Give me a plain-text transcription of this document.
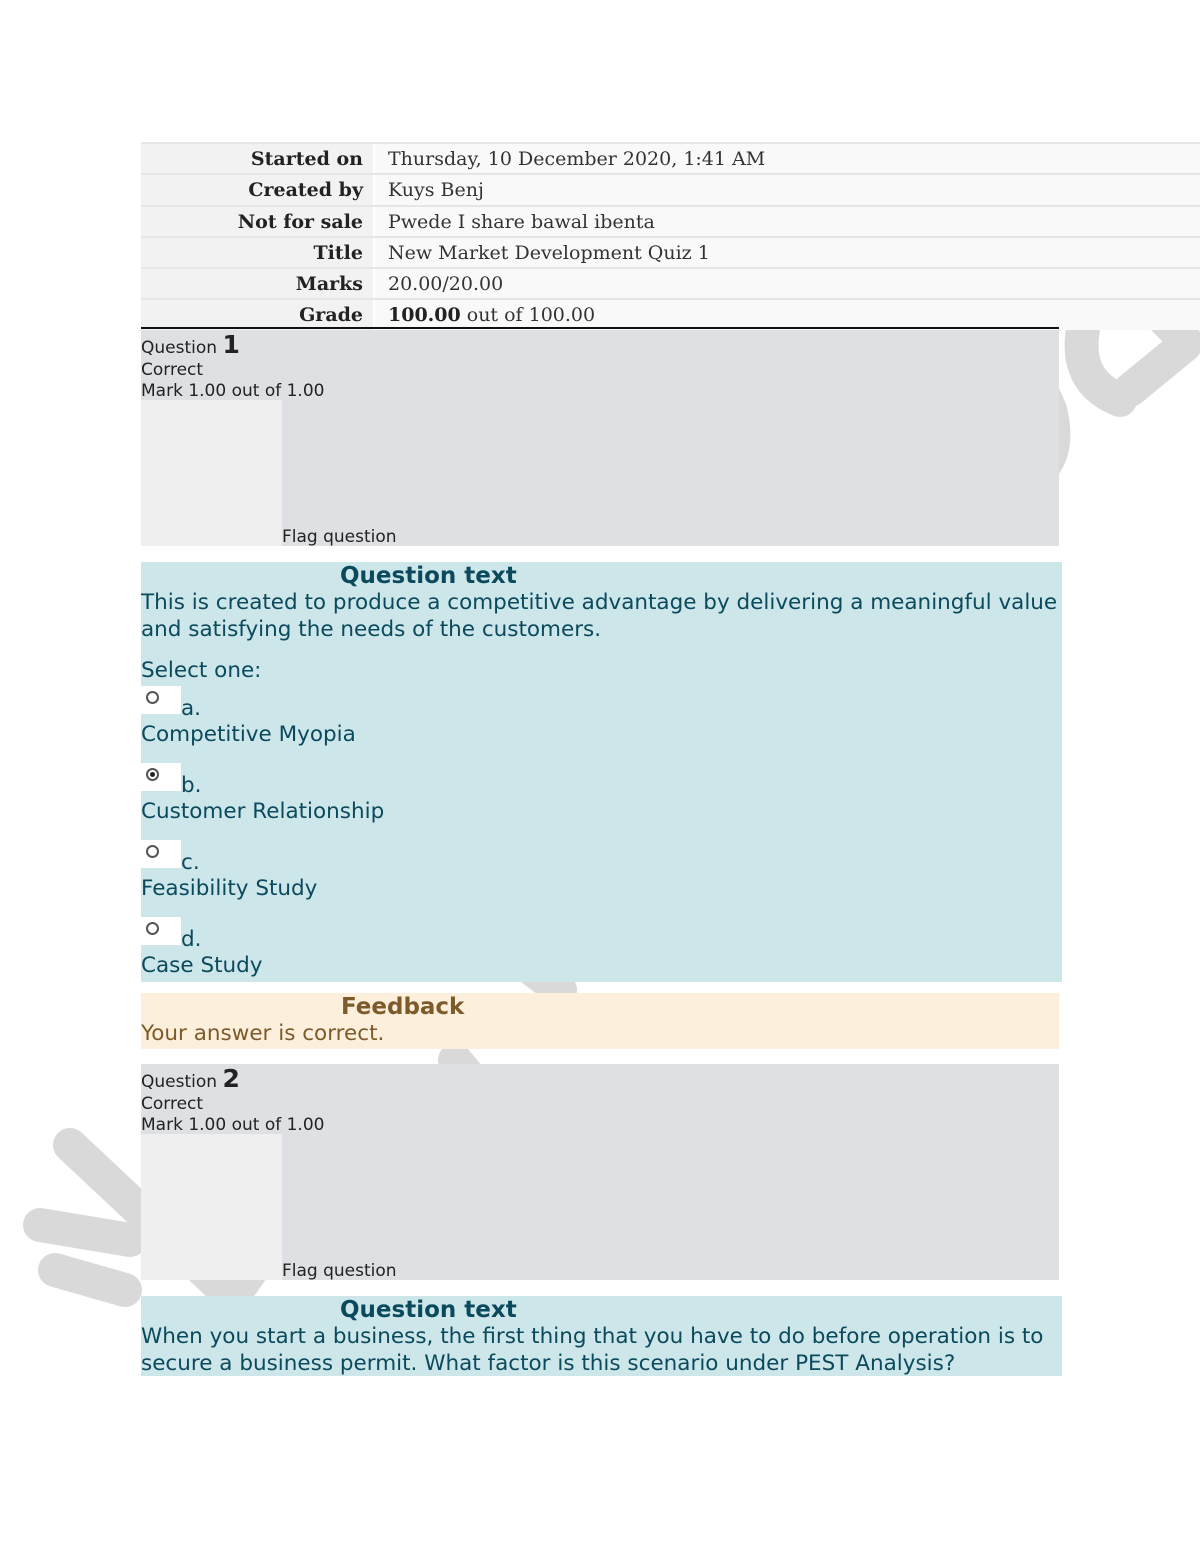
Started on	Thursday, 10 December 2020, 1:41 AM
Created by	Kuys Benj
Not for sale	Pwede I share bawal ibenta
Title	New Market Development Quiz 1
Marks	20.00/20.00
Grade	100.00 out of 100.00
Question 1
Correct
Mark 1.00 out of 1.00
Flag question
Question text
This is created to produce a competitive advantage by delivering a meaningful value and satisfying the needs of the customers.
Select one:
a.
Competitive Myopia
b.
Customer Relationship
c.
Feasibility Study
d.
Case Study
Feedback
Your answer is correct.
Question 2
Correct
Mark 1.00 out of 1.00
Flag question
Question text
When you start a business, the first thing that you have to do before operation is to secure a business permit. What factor is this scenario under PEST Analysis?
